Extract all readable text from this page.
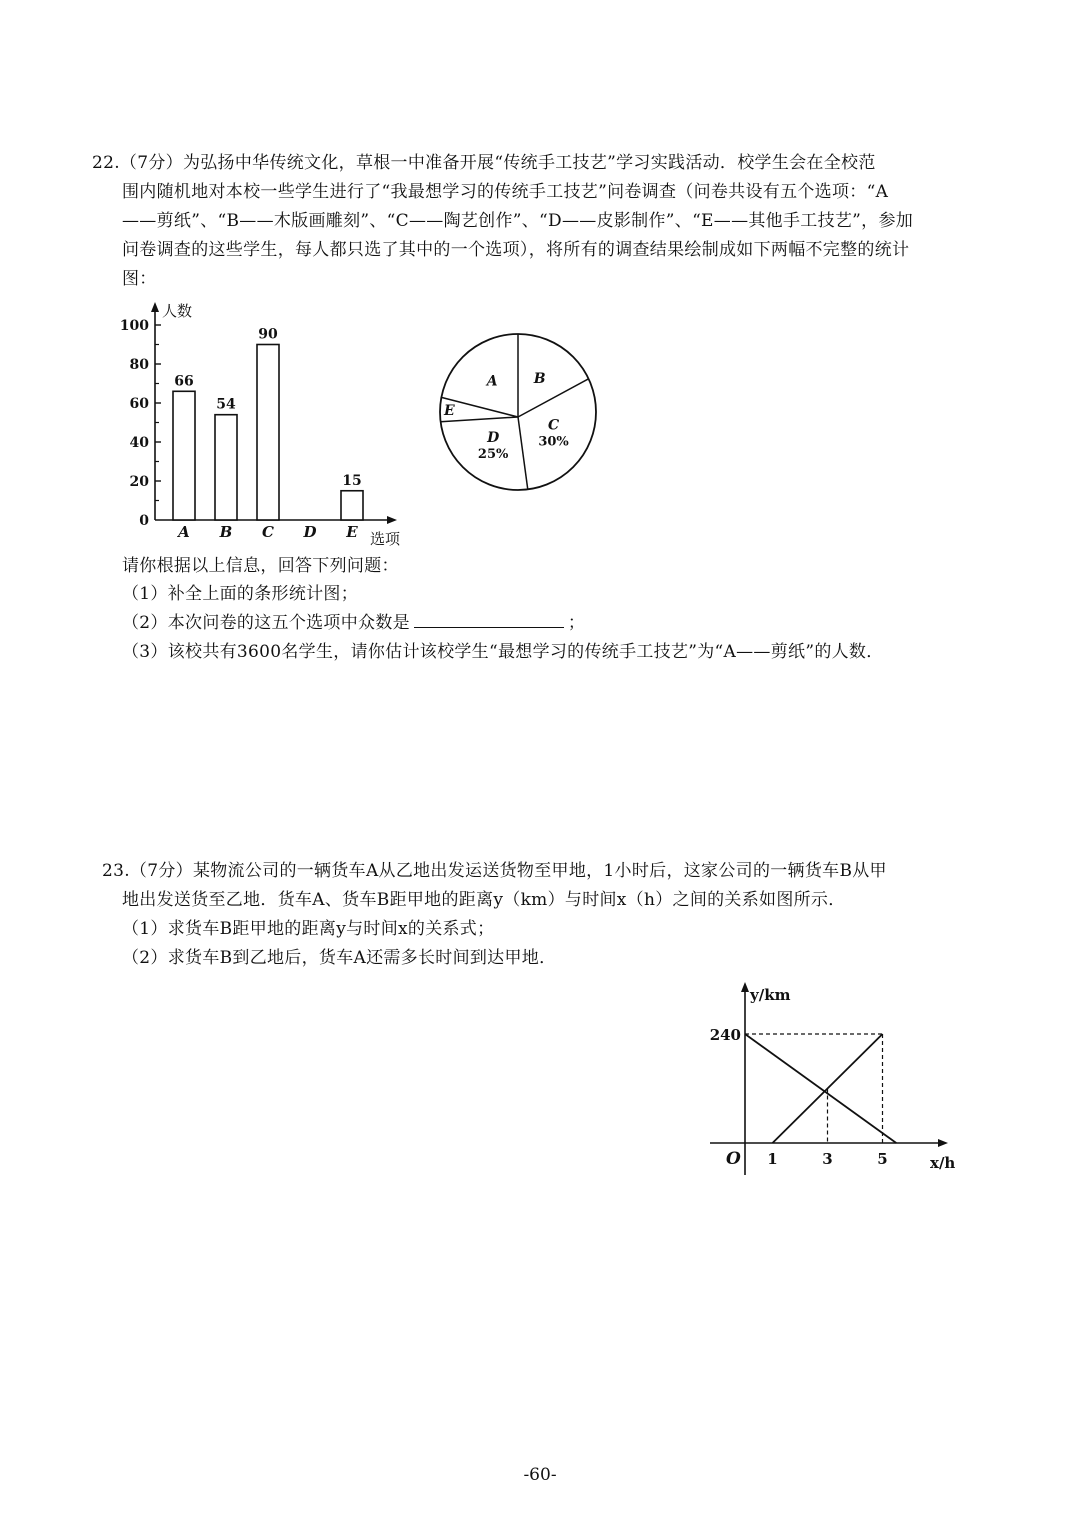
22.（7分）为弘扬中华传统文化，草根一中准备开展“传统手工技艺”学习实践活动．校学生会在全校范
围内随机地对本校一些学生进行了“我最想学习的传统手工技艺”问卷调查（问卷共设有五个选项：“A
——剪纸”、“B——木版画雕刻”、“C——陶艺创作”、“D——皮影制作”、“E——其他手工技艺”，参加
问卷调查的这些学生，每人都只选了其中的一个选项），将所有的调查结果绘制成如下两幅不完整的统计
图：
人数
选项
0
20
40
60
80
100
A
66
B
54
C
90
D E
15
B
C
30%
D
25%
E
A
请你根据以上信息，回答下列问题：
（1）补全上面的条形统计图；
（2）本次问卷的这五个选项中众数是	；
（3）该校共有3600名学生，请你估计该校学生“最想学习的传统手工技艺”为“A——剪纸”的人数．
23.（7分）某物流公司的一辆货车A从乙地出发运送货物至甲地，1小时后，这家公司的一辆货车B从甲
地出发送货至乙地．货车A、货车B距甲地的距离y（km）与时间x（h）之间的关系如图所示．
（1）求货车B距甲地的距离y与时间x的关系式；
（2）求货车B到乙地后，货车A还需多长时间到达甲地．
y/km
x/h
O 1	3	5
240
-60-
